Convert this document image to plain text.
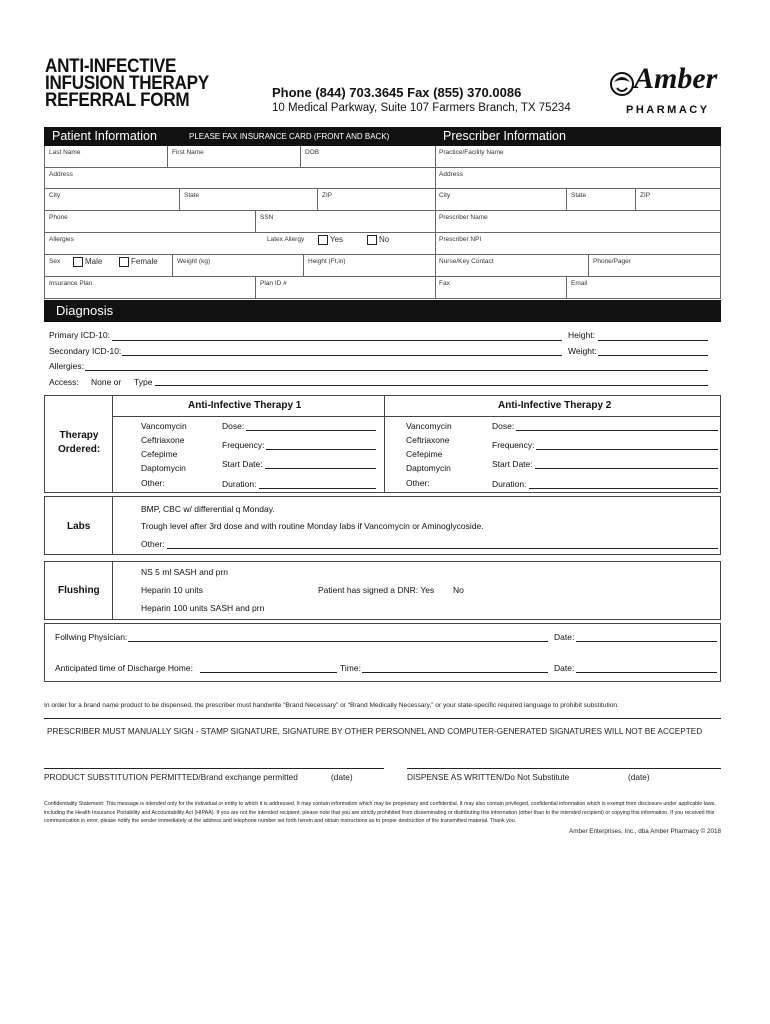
ANTI-INFECTIVE
INFUSION THERAPY
REFERRAL FORM	Phone (844) 703.3645 Fax (855) 370.0086
10 Medical Parkway, Suite 107 Farmers Branch, TX 75234
Amber
PHARMACY
Patient Information	PLEASE FAX INSURANCE CARD (FRONT AND BACK)	Prescriber Information
Last Name	First Name	DOB
Address
City	State	ZIP
Phone	SSN
Allergies	Latex Allergy	Yes	No
Sex	Male	Female	Weight (kg)	Height (Ft,in)
Insurance Plan	Plan ID #
Practice/Facility Name
Address
City	State	ZIP
Prescriber Name
Prescriber NPI
Nurse/Key Contact	Phone/Pager
Fax	Email
Diagnosis
Primary ICD-10:	Height:
Secondary ICD-10:	Weight:
Allergies:
Access: None or Type
Therapy
Ordered:
Anti-Infective Therapy 1	Anti-Infective Therapy 2
Vancomycin
Ceftriaxone
Cefepime
Daptomycin
Other:
Dose:
Frequency:
Start Date:
Duration:
Vancomycin
Ceftriaxone
Cefepime
Daptomycin
Other:
Dose:
Frequency:
Start Date:
Duration:
Labs
BMP, CBC w/ differential q Monday.
Trough level after 3rd dose and with routine Monday labs if Vancomycin or Aminoglycoside.
Other:
Flushing
NS 5 ml SASH and prn
Heparin 10 units	Patient has signed a DNR: Yes No
Heparin 100 units SASH and prn
Follwing Physician:	Date:
Anticipated time of Discharge Home:	Time:	Date:
In order for a brand name product to be dispensed, the prescriber must handwrite “Brand Necessary” or “Brand Medically Necessary,” or your state-specific required language to prohibit substitution:
PRESCRIBER MUST MANUALLY SIGN - STAMP SIGNATURE, SIGNATURE BY OTHER PERSONNEL AND COMPUTER-GENERATED SIGNATURES WILL NOT BE ACCEPTED
PRODUCT SUBSTITUTION PERMITTED/Brand exchange permitted	(date)	DISPENSE AS WRITTEN/Do Not Substitute	(date)
Confidentiality Statement: This message is intended only for the individual or entity to which it is addressed. It may contain information which may be proprietary and confidential. It may also contain privileged, confidential information which is exempt from disclosure under applicable laws, including the Health Insurance Portability and Accountability Act (HIPAA). If you are not the intended recipient, please note that you are strictly prohibited from disseminating or distributing this information (other than to the intended recipient) or copying this information. If you received this communication in error, please notify the sender immediately at the address and telephone number set forth herein and obtain instructions as to proper destruction of the transmitted material. Thank you.
Amber Enterprises, Inc., dba Amber Pharmacy © 2018
